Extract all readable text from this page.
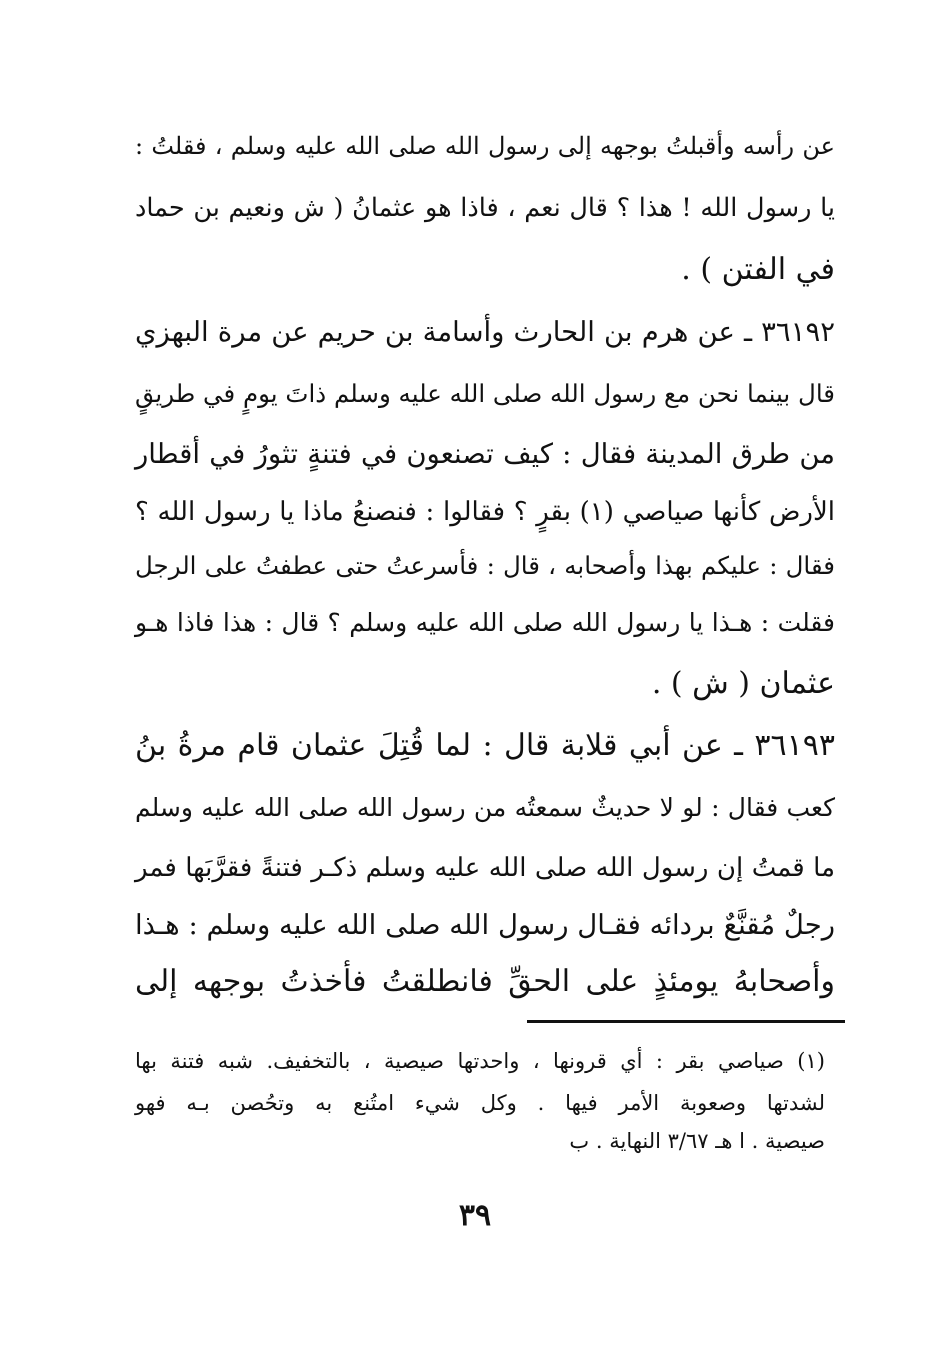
عن رأسه وأقبلتُ بوجهه إلى رسول الله صلى الله عليه وسلم ، فقلتُ :
يا رسول الله ! هذا ؟ قال نعم ، فاذا هو عثمانُ ( ش ونعيم بن حماد
في الفتن ) .
٣٦١٩٢ ـ عن هرم بن الحارث وأسامة بن حريم عن مرة البهزي
قال بينما نحن مع رسول الله صلى الله عليه وسلم ذاتَ يومٍ في طريقٍ
من طرق المدينة فقال : كيف تصنعون في فتنةٍ تثورُ في أقطار
الأرض كأنها صياصي (١) بقرٍ ؟ فقالوا : فنصنعُ ماذا يا رسول الله ؟
فقال : عليكم بهذا وأصحابه ، قال : فأسرعتُ حتى عطفتُ على الرجل
فقلت : هـذا يا رسول الله صلى الله عليه وسلم ؟ قال : هذا فاذا هـو
عثمان ( ش ) .
٣٦١٩٣ ـ عن أبي قلابة قال : لما قُتِلَ عثمان قام مرةُ بنُ
كعب فقال : لو لا حديثٌ سمعتُه من رسول الله صلى الله عليه وسلم
ما قمتُ إن رسول الله صلى الله عليه وسلم ذكـر فتنةً فقرَّبَها فمر
رجلٌ مُقنَّعٌ بردائه فقـال رسول الله صلى الله عليه وسلم : هـذا
وأصحابهُ يومئذٍ على الحقِّ فانطلقتُ فأخذتُ بوجهه إلى
(١) صياصي بقر : أي قرونها ، واحدتها صيصية ، بالتخفيف. شبه فتنة بها
لشدتها وصعوبة الأمر فيها . وكل شيء امتُنع به وتحُصن بـه فهو
صيصية . ا هـ ٣/٦٧ النهاية . ب
٣٩
